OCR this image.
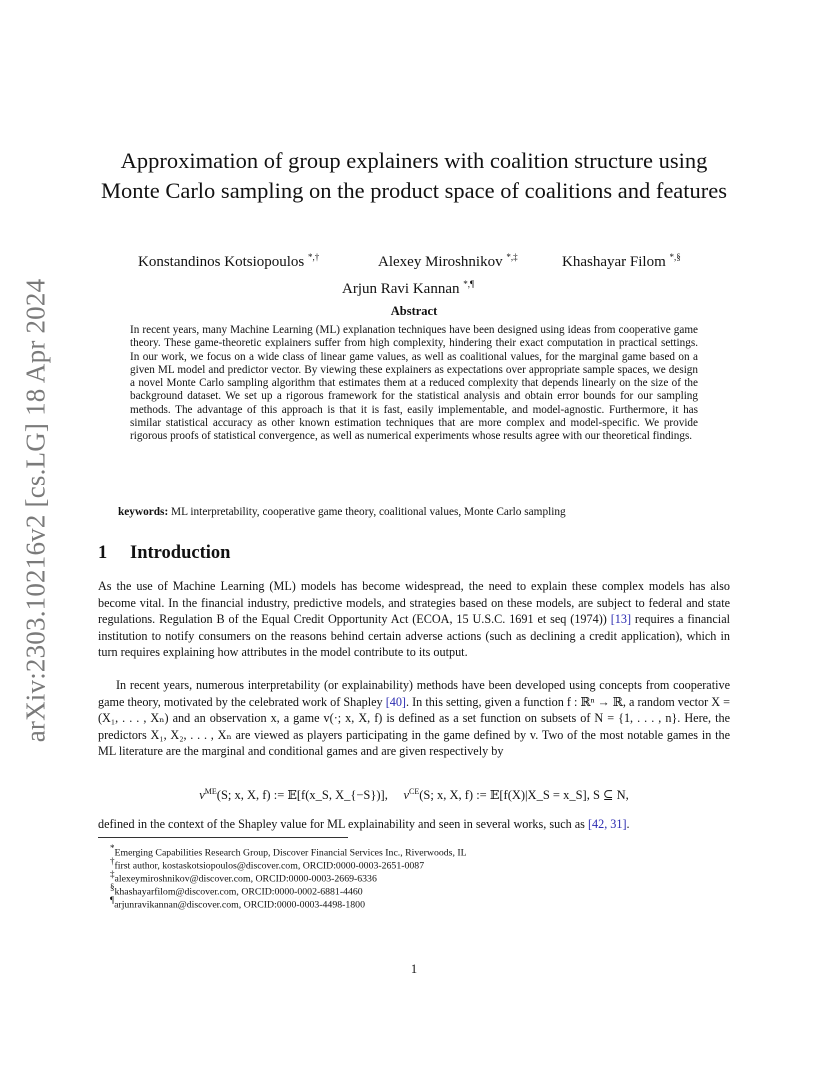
arXiv:2303.10216v2 [cs.LG] 18 Apr 2024
Approximation of group explainers with coalition structure using Monte Carlo sampling on the product space of coalitions and features
Konstandinos Kotsiopoulos *,†	Alexey Miroshnikov *,‡	Khashayar Filom *,§
Arjun Ravi Kannan *,¶
Abstract
In recent years, many Machine Learning (ML) explanation techniques have been designed using ideas from cooperative game theory. These game-theoretic explainers suffer from high complexity, hindering their exact computation in practical settings. In our work, we focus on a wide class of linear game values, as well as coalitional values, for the marginal game based on a given ML model and predictor vector. By viewing these explainers as expectations over appropriate sample spaces, we design a novel Monte Carlo sampling algorithm that estimates them at a reduced complexity that depends linearly on the size of the background dataset. We set up a rigorous framework for the statistical analysis and obtain error bounds for our sampling methods. The advantage of this approach is that it is fast, easily implementable, and model-agnostic. Furthermore, it has similar statistical accuracy as other known estimation techniques that are more complex and model-specific. We provide rigorous proofs of statistical convergence, as well as numerical experiments whose results agree with our theoretical findings.
keywords: ML interpretability, cooperative game theory, coalitional values, Monte Carlo sampling
1 Introduction
As the use of Machine Learning (ML) models has become widespread, the need to explain these complex models has also become vital. In the financial industry, predictive models, and strategies based on these models, are subject to federal and state regulations. Regulation B of the Equal Credit Opportunity Act (ECOA, 15 U.S.C. 1691 et seq (1974)) [13] requires a financial institution to notify consumers on the reasons behind certain adverse actions (such as declining a credit application), which in turn requires explaining how attributes in the model contribute to its output.
In recent years, numerous interpretability (or explainability) methods have been developed using concepts from cooperative game theory, motivated by the celebrated work of Shapley [40]. In this setting, given a function f : ℝⁿ → ℝ, a random vector X = (X₁, . . . , Xₙ) and an observation x, a game v(·; x, X, f) is defined as a set function on subsets of N = {1, . . . , n}. Here, the predictors X₁, X₂, . . . , Xₙ are viewed as players participating in the game defined by v. Two of the most notable games in the ML literature are the marginal and conditional games and are given respectively by
$v^{ME}(S$; x, X, f) := 𝔼[f(x_S, X_{−S})], $v^{CE}(S$; x, X, f) := 𝔼[f(X)|X_S = x_S], S ⊆ N,
defined in the context of the Shapley value for ML explainability and seen in several works, such as [42, 31].
*Emerging Capabilities Research Group, Discover Financial Services Inc., Riverwoods, IL
†first author, kostaskotsiopoulos@discover.com, ORCID:0000-0003-2651-0087
‡alexeymiroshnikov@discover.com, ORCID:0000-0003-2669-6336
§khashayarfilom@discover.com, ORCID:0000-0002-6881-4460
¶arjunravikannan@discover.com, ORCID:0000-0003-4498-1800
1
